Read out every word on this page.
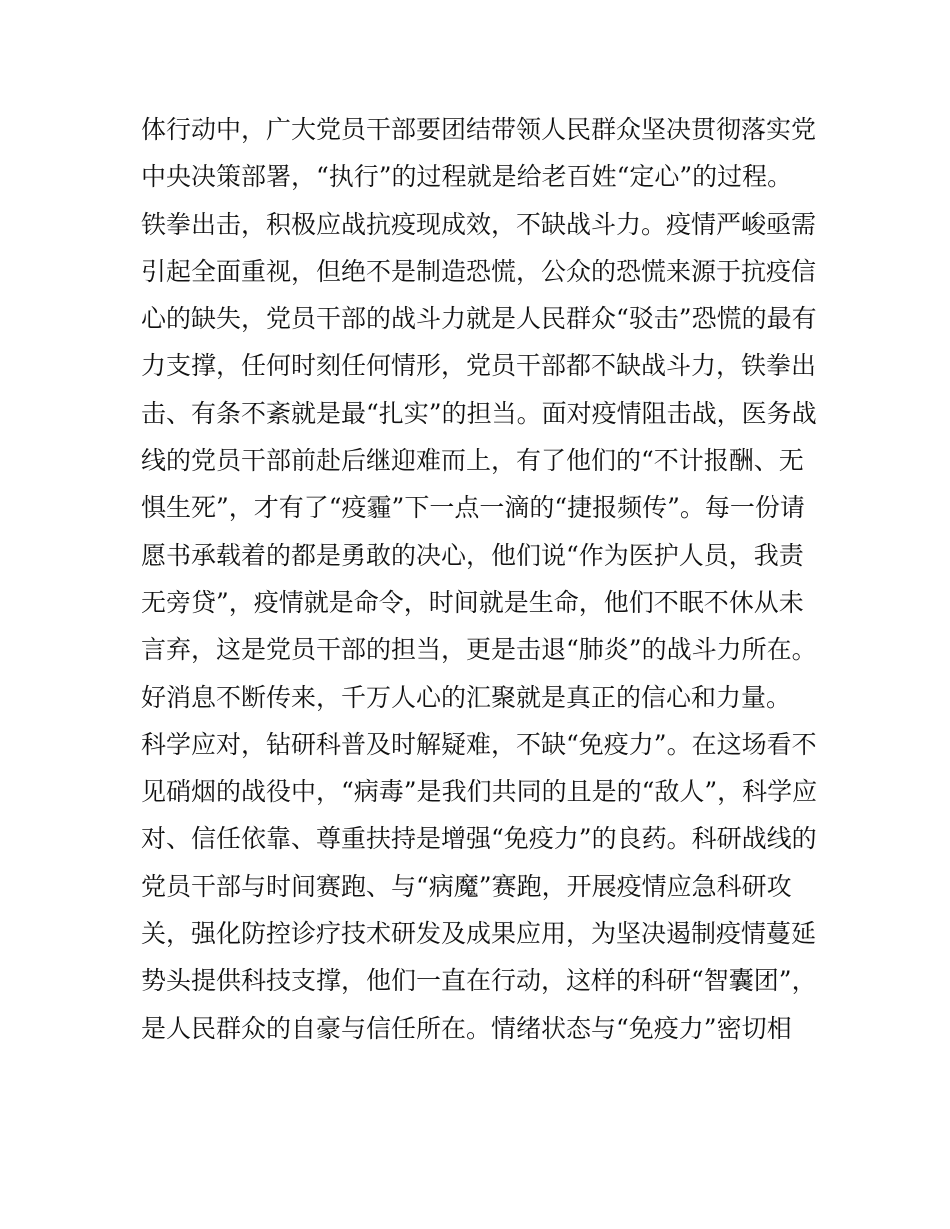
体行动中，广大党员干部要团结带领人民群众坚决贯彻落实党
中央决策部署，“执行”的过程就是给老百姓“定心”的过程。
铁拳出击，积极应战抗疫现成效，不缺战斗力。疫情严峻亟需
引起全面重视，但绝不是制造恐慌，公众的恐慌来源于抗疫信
心的缺失，党员干部的战斗力就是人民群众“驳击”恐慌的最有
力支撑，任何时刻任何情形，党员干部都不缺战斗力，铁拳出
击、有条不紊就是最“扎实”的担当。面对疫情阻击战，医务战
线的党员干部前赴后继迎难而上，有了他们的“不计报酬、无
惧生死”，才有了“疫霾”下一点一滴的“捷报频传”。每一份请
愿书承载着的都是勇敢的决心，他们说“作为医护人员，我责
无旁贷”，疫情就是命令，时间就是生命，他们不眠不休从未
言弃，这是党员干部的担当，更是击退“肺炎”的战斗力所在。
好消息不断传来，千万人心的汇聚就是真正的信心和力量。
科学应对，钻研科普及时解疑难，不缺“免疫力”。在这场看不
见硝烟的战役中，“病毒”是我们共同的且是的“敌人”，科学应
对、信任依靠、尊重扶持是增强“免疫力”的良药。科研战线的
党员干部与时间赛跑、与“病魔”赛跑，开展疫情应急科研攻
关，强化防控诊疗技术研发及成果应用，为坚决遏制疫情蔓延
势头提供科技支撑，他们一直在行动，这样的科研“智囊团”，
是人民群众的自豪与信任所在。情绪状态与“免疫力”密切相
